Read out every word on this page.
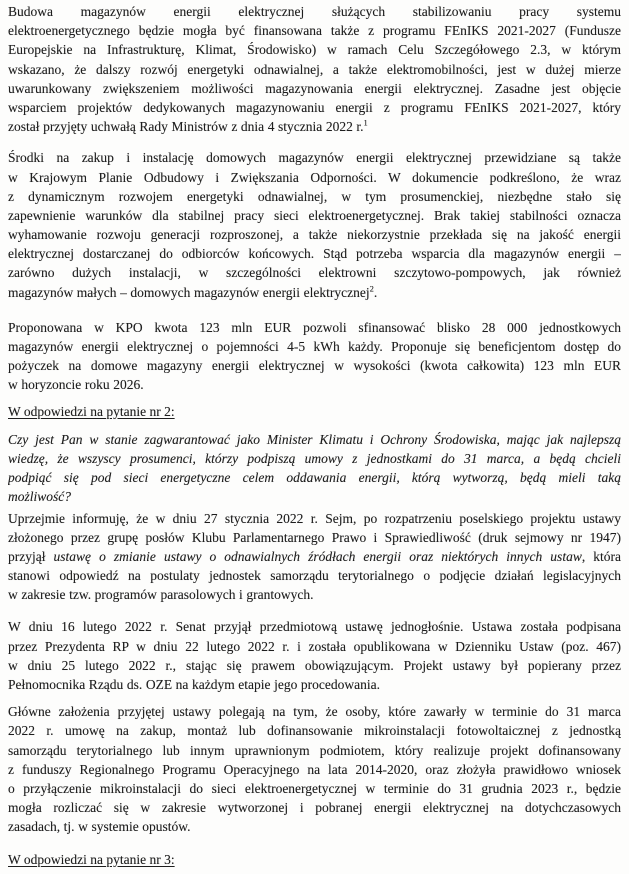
Budowa magazynów energii elektrycznej służących stabilizowaniu pracy systemu
elektroenergetycznego będzie mogła być finansowana także z programu FEnIKS 2021-2027 (Fundusze
Europejskie na Infrastrukturę, Klimat, Środowisko) w ramach Celu Szczegółowego 2.3, w którym
wskazano, że dalszy rozwój energetyki odnawialnej, a także elektromobilności, jest w dużej mierze
uwarunkowany zwiększeniem możliwości magazynowania energii elektrycznej. Zasadne jest objęcie
wsparciem projektów dedykowanych magazynowaniu energii z programu FEnIKS 2021-2027, który
został przyjęty uchwałą Rady Ministrów z dnia 4 stycznia 2022 r.$^1$
Środki na zakup i instalację domowych magazynów energii elektrycznej przewidziane są także
w Krajowym Planie Odbudowy i Zwiększania Odporności. W dokumencie podkreślono, że wraz
z dynamicznym rozwojem energetyki odnawialnej, w tym prosumenckiej, niezbędne stało się
zapewnienie warunków dla stabilnej pracy sieci elektroenergetycznej. Brak takiej stabilności oznacza
wyhamowanie rozwoju generacji rozproszonej, a także niekorzystnie przekłada się na jakość energii
elektrycznej dostarczanej do odbiorców końcowych. Stąd potrzeba wsparcia dla magazynów energii –
zarówno dużych instalacji, w szczególności elektrowni szczytowo-pompowych, jak również
magazynów małych – domowych magazynów energii elektrycznej$^2$.
Proponowana w KPO kwota 123 mln EUR pozwoli sfinansować blisko 28 000 jednostkowych
magazynów energii elektrycznej o pojemności 4-5 kWh każdy. Proponuje się beneficjentom dostęp do
pożyczek na domowe magazyny energii elektrycznej w wysokości (kwota całkowita) 123 mln EUR
w horyzoncie roku 2026.
W odpowiedzi na pytanie nr 2:
Czy jest Pan w stanie zagwarantować jako Minister Klimatu i Ochrony Środowiska, mając jak najlepszą
wiedzę, że wszyscy prosumenci, którzy podpiszą umowy z jednostkami do 31 marca, a będą chcieli
podpiąć się pod sieci energetyczne celem oddawania energii, którą wytworzą, będą mieli taką
możliwość?
Uprzejmie informuję, że w dniu 27 stycznia 2022 r. Sejm, po rozpatrzeniu poselskiego projektu ustawy
złożonego przez grupę posłów Klubu Parlamentarnego Prawo i Sprawiedliwość (druk sejmowy nr 1947)
przyjął ustawę o zmianie ustawy o odnawialnych źródłach energii oraz niektórych innych ustaw, która
stanowi odpowiedź na postulaty jednostek samorządu terytorialnego o podjęcie działań legislacyjnych
w zakresie tzw. programów parasolowych i grantowych.
W dniu 16 lutego 2022 r. Senat przyjął przedmiotową ustawę jednogłośnie. Ustawa została podpisana
przez Prezydenta RP w dniu 22 lutego 2022 r. i została opublikowana w Dzienniku Ustaw (poz. 467)
w dniu 25 lutego 2022 r., stając się prawem obowiązującym. Projekt ustawy był popierany przez
Pełnomocnika Rządu ds. OZE na każdym etapie jego procedowania.
Główne założenia przyjętej ustawy polegają na tym, że osoby, które zawarły w terminie do 31 marca
2022 r. umowę na zakup, montaż lub dofinansowanie mikroinstalacji fotowoltaicznej z jednostką
samorządu terytorialnego lub innym uprawnionym podmiotem, który realizuje projekt dofinansowany
z funduszy Regionalnego Programu Operacyjnego na lata 2014-2020, oraz złożyła prawidłowo wniosek
o przyłączenie mikroinstalacji do sieci elektroenergetycznej w terminie do 31 grudnia 2023 r., będzie
mogła rozliczać się w zakresie wytworzonej i pobranej energii elektrycznej na dotychczasowych
zasadach, tj. w systemie opustów.
W odpowiedzi na pytanie nr 3:
